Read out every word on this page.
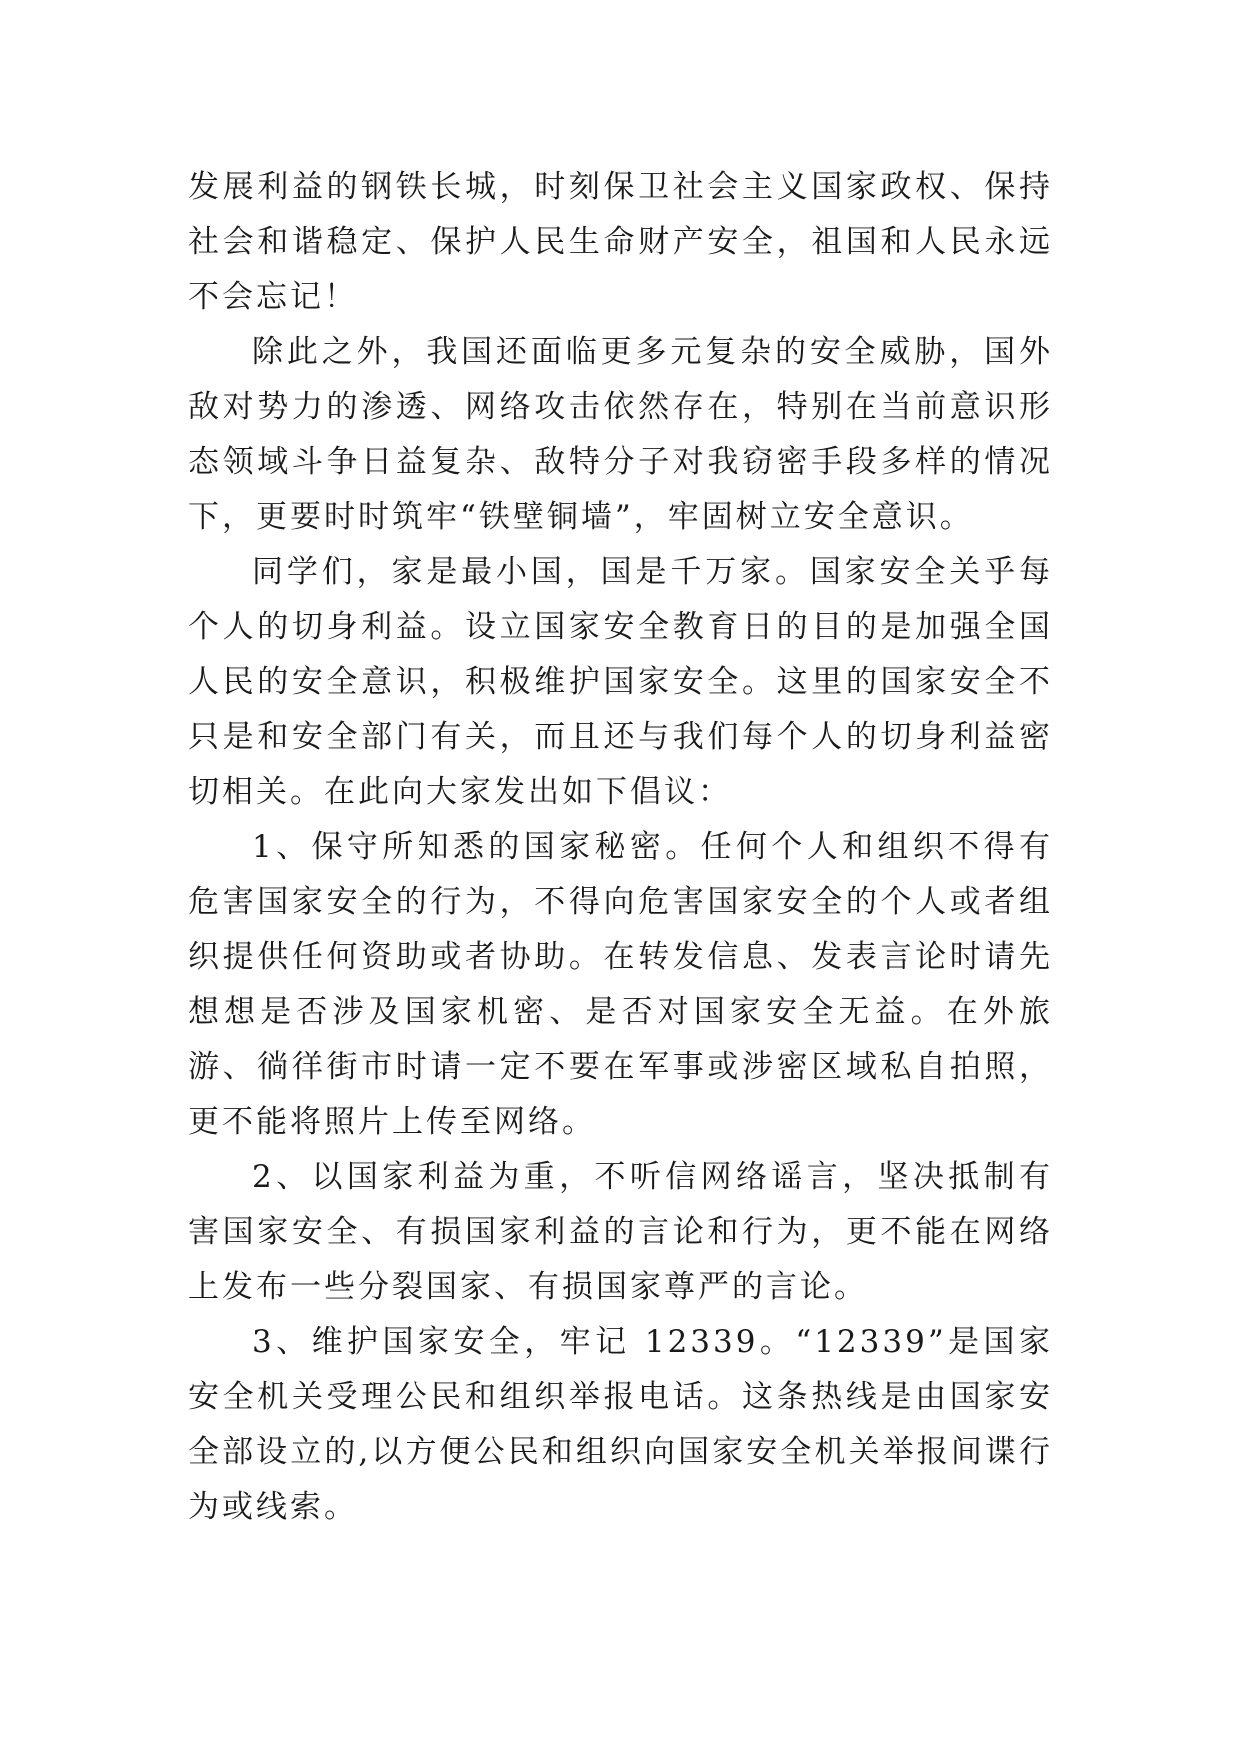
发展利益的钢铁长城，时刻保卫社会主义国家政权、保持社会和谐稳定、保护人民生命财产安全，祖国和人民永远不会忘记！

除此之外，我国还面临更多元复杂的安全威胁，国外敌对势力的渗透、网络攻击依然存在，特别在当前意识形态领域斗争日益复杂、敌特分子对我窃密手段多样的情况下，更要时时筑牢“铁壁铜墙”，牢固树立安全意识。

同学们，家是最小国，国是千万家。国家安全关乎每个人的切身利益。设立国家安全教育日的目的是加强全国人民的安全意识，积极维护国家安全。这里的国家安全不只是和安全部门有关，而且还与我们每个人的切身利益密切相关。在此向大家发出如下倡议：

1、保守所知悉的国家秘密。任何个人和组织不得有危害国家安全的行为，不得向危害国家安全的个人或者组织提供任何资助或者协助。在转发信息、发表言论时请先想想是否涉及国家机密、是否对国家安全无益。在外旅游、徜徉街市时请一定不要在军事或涉密区域私自拍照，更不能将照片上传至网络。

2、以国家利益为重，不听信网络谣言，坚决抵制有害国家安全、有损国家利益的言论和行为，更不能在网络上发布一些分裂国家、有损国家尊严的言论。

3、维护国家安全，牢记 12339。“12339”是国家安全机关受理公民和组织举报电话。这条热线是由国家安全部设立的,以方便公民和组织向国家安全机关举报间谍行为或线索。
